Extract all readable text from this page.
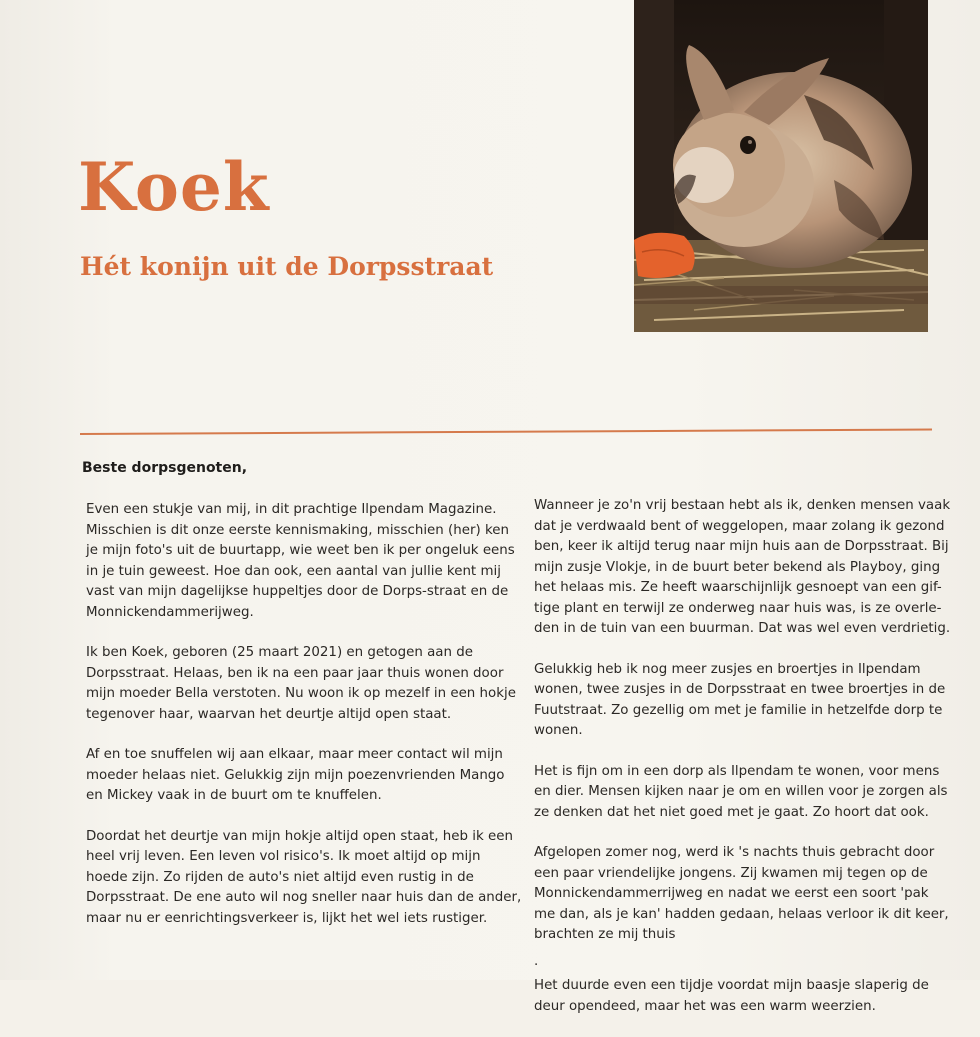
Koek
Hét konijn uit de Dorpsstraat
Beste dorpsgenoten,

Even een stukje van mij, in dit prachtige Ilpendam Magazine. Misschien is dit onze eerste kennismaking, misschien (her) ken je mijn foto's uit de buurtapp, wie weet ben ik per ongeluk eens in je tuin geweest. Hoe dan ook, een aantal van jullie kent mij vast van mijn dagelijkse huppeltjes door de Dorps-straat en de Monnickendammerijweg.

Ik ben Koek, geboren (25 maart 2021) en getogen aan de Dorpsstraat. Helaas, ben ik na een paar jaar thuis wonen door mijn moeder Bella verstoten. Nu woon ik op mezelf in een hokje tegenover haar, waarvan het deurtje altijd open staat.

Af en toe snuffelen wij aan elkaar, maar meer contact wil mijn moeder helaas niet. Gelukkig zijn mijn poezenvrienden Mango en Mickey vaak in de buurt om te knuffelen.

Doordat het deurtje van mijn hokje altijd open staat, heb ik een heel vrij leven. Een leven vol risico's. Ik moet altijd op mijn hoede zijn. Zo rijden de auto's niet altijd even rustig in de Dorpsstraat. De ene auto wil nog sneller naar huis dan de ander, maar nu er eenrichtingsverkeer is, lijkt het wel iets rustiger.

Wanneer je zo'n vrij bestaan hebt als ik, denken mensen vaak dat je verdwaald bent of weggelopen, maar zolang ik gezond ben, keer ik altijd terug naar mijn huis aan de Dorpsstraat. Bij mijn zusje Vlokje, in de buurt beter bekend als Playboy, ging het helaas mis. Ze heeft waarschijnlijk gesnoept van een gif-tige plant en terwijl ze onderweg naar huis was, is ze overle-den in de tuin van een buurman. Dat was wel even verdrietig.

Gelukkig heb ik nog meer zusjes en broertjes in Ilpendam wonen, twee zusjes in de Dorpsstraat en twee broertjes in de Fuutstraat. Zo gezellig om met je familie in hetzelfde dorp te wonen.

Het is fijn om in een dorp als Ilpendam te wonen, voor mens en dier. Mensen kijken naar je om en willen voor je zorgen als ze denken dat het niet goed met je gaat. Zo hoort dat ook.

Afgelopen zomer nog, werd ik 's nachts thuis gebracht door een paar vriendelijke jongens. Zij kwamen mij tegen op de Monnickendammerrijweg en nadat we eerst een soort 'pak me dan, als je kan' hadden gedaan, helaas verloor ik dit keer, brachten ze mij thuis

.

Het duurde even een tijdje voordat mijn baasje slaperig de deur opendeed, maar het was een warm weerzien.
